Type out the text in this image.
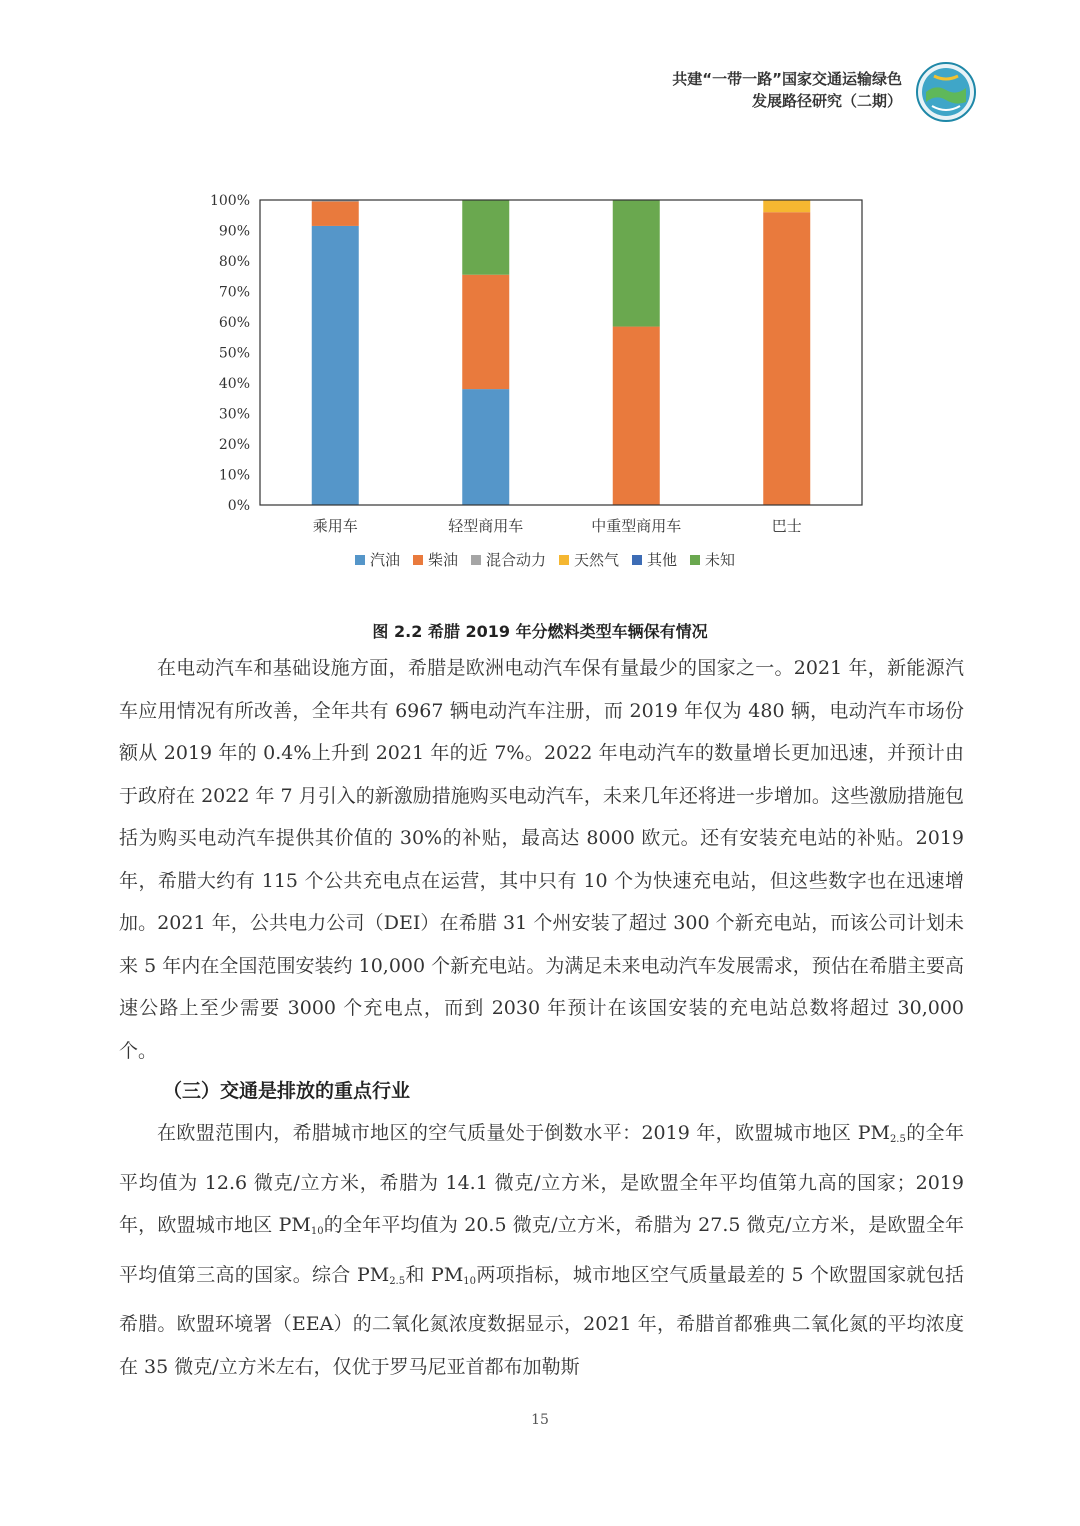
共建“一带一路”国家交通运输绿色
发展路径研究（二期）
0%
10%
20%
30%
40%
50%
60%
70%
80%
90%
100%
乘用车	轻型商用车	中重型商用车	巴士
汽油 柴油 混合动力 天然气 其他 未知
图 2.2 希腊 2019 年分燃料类型车辆保有情况

在电动汽车和基础设施方面，希腊是欧洲电动汽车保有量最少的国家之一。2021 年，新能源汽车应用情况有所改善，全年共有 6967 辆电动汽车注册，而 2019 年仅为 480 辆，电动汽车市场份额从 2019 年的 0.4%上升到 2021 年的近 7%。2022 年电动汽车的数量增长更加迅速，并预计由于政府在 2022 年 7 月引入的新激励措施购买电动汽车，未来几年还将进一步增加。这些激励措施包括为购买电动汽车提供其价值的 30%的补贴，最高达 8000 欧元。还有安装充电站的补贴。2019 年，希腊大约有 115 个公共充电点在运营，其中只有 10 个为快速充电站，但这些数字也在迅速增加。2021 年，公共电力公司（DEI）在希腊 31 个州安装了超过 300 个新充电站，而该公司计划未来 5 年内在全国范围安装约 10,000 个新充电站。为满足未来电动汽车发展需求，预估在希腊主要高速公路上至少需要 3000 个充电点，而到 2030 年预计在该国安装的充电站总数将超过 30,000 个。

（三）交通是排放的重点行业

在欧盟范围内，希腊城市地区的空气质量处于倒数水平：2019 年，欧盟城市地区 $PM_{2.5}$的全年平均值为 12.6 微克/立方米，希腊为 14.1 微克/立方米，是欧盟全年平均值第九高的国家；2019 年，欧盟城市地区 $PM_{10}$的全年平均值为 20.5 微克/立方米，希腊为 27.5 微克/立方米，是欧盟全年平均值第三高的国家。综合 $PM_{2.5}$和 $PM_{10}$两项指标，城市地区空气质量最差的 5 个欧盟国家就包括希腊。欧盟环境署（EEA）的二氧化氮浓度数据显示，2021 年，希腊首都雅典二氧化氮的平均浓度在 35 微克/立方米左右，仅优于罗马尼亚首都布加勒斯

15
